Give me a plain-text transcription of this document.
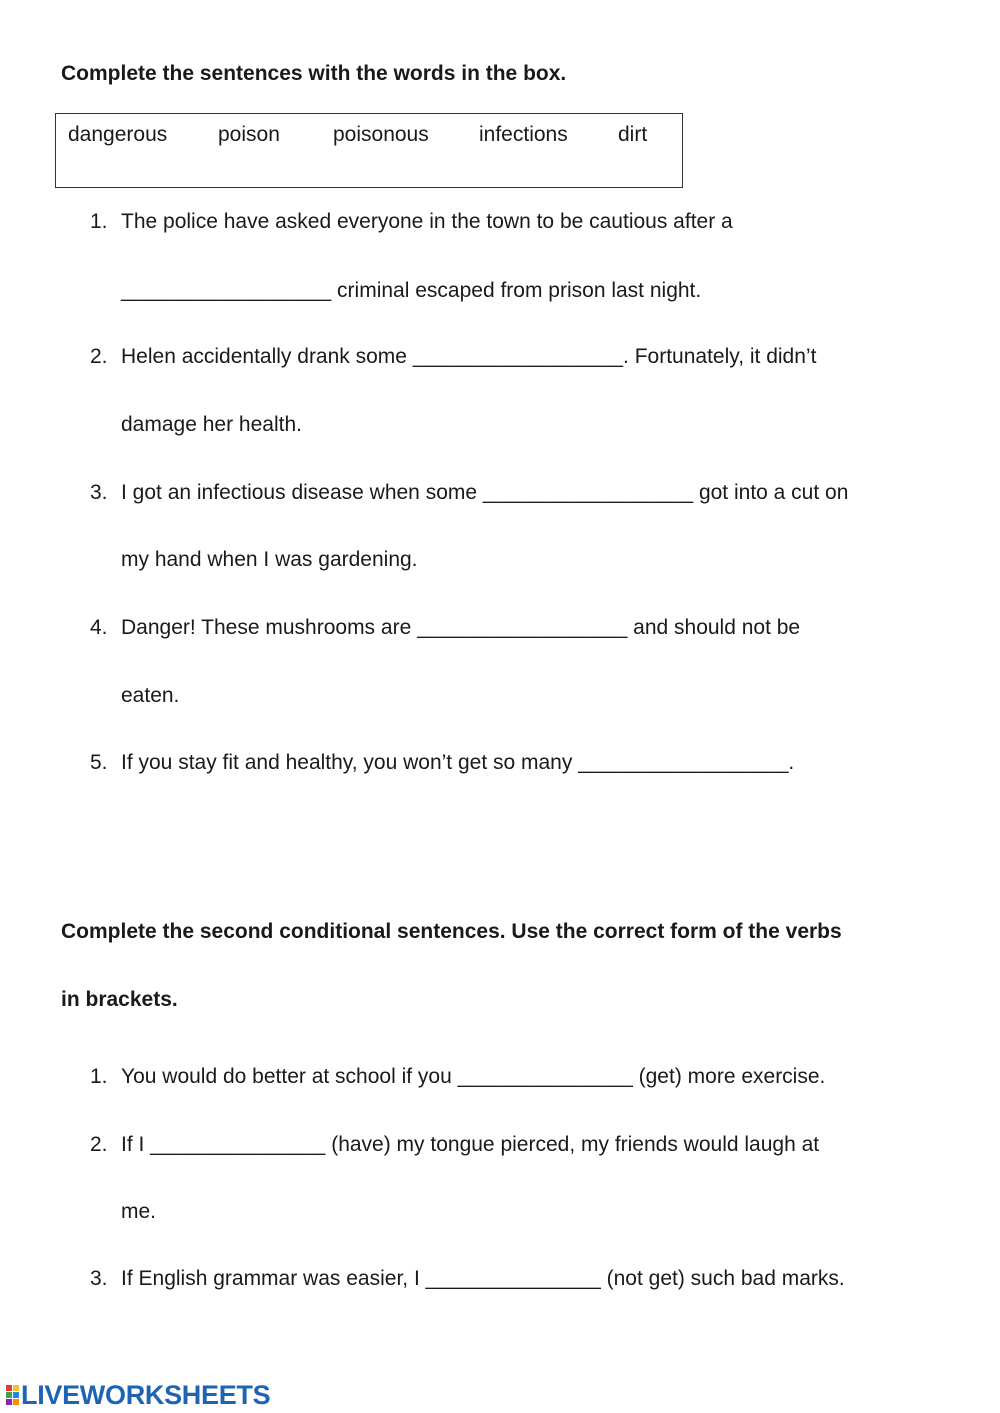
Complete the sentences with the words in the box.
dangerous poison	poisonous infections dirt
1. The police have asked everyone in the town to be cautious after a
__________________ criminal escaped from prison last night.
2. Helen accidentally drank some __________________. Fortunately, it didn’t
damage her health.
3. I got an infectious disease when some __________________ got into a cut on
my hand when I was gardening.
4. Danger! These mushrooms are __________________ and should not be
eaten.
5. If you stay fit and healthy, you won’t get so many __________________.
Complete the second conditional sentences. Use the correct form of the verbs
in brackets.
1. You would do better at school if you _______________ (get) more exercise.
2. If I _______________ (have) my tongue pierced, my friends would laugh at
me.
3. If English grammar was easier, I _______________ (not get) such bad marks.
LIVEWORKSHEETS
